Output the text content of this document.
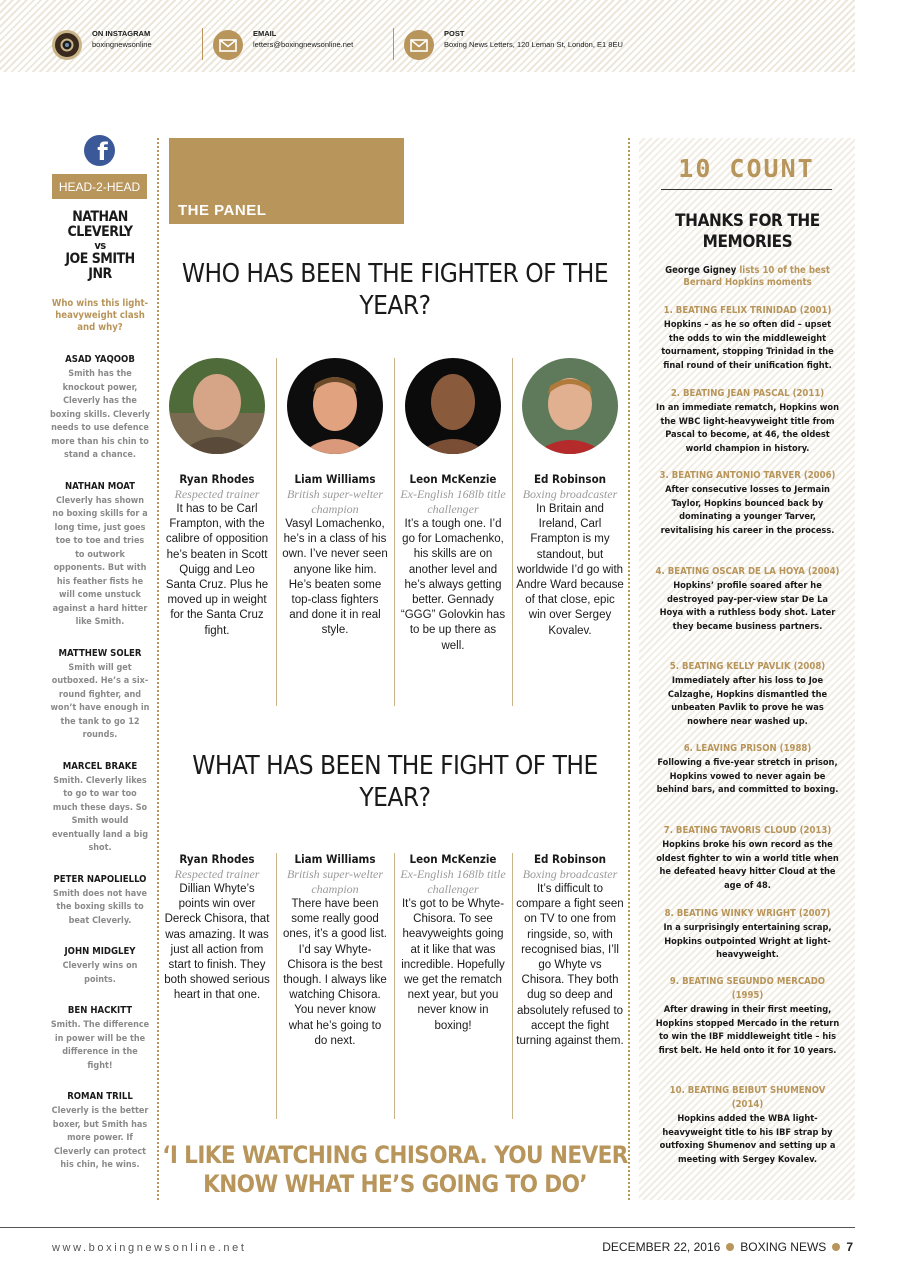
ON INSTAGRAM
boxingnewsonline
EMAIL
letters@boxingnewsonline.net
POST
Boxing News Letters, 120 Leman St, London, E1 8EU
f
HEAD-2-HEAD
NATHAN
CLEVERLY
vs
JOE SMITH
JNR
Who wins this light-heavyweight clash and why?
ASAD YAQOOB
Smith has the knockout power, Cleverly has the boxing skills. Cleverly needs to use defence more than his chin to stand a chance.
NATHAN MOAT
Cleverly has shown no boxing skills for a long time, just goes toe to toe and tries to outwork opponents. But with his feather fists he will come unstuck against a hard hitter like Smith.
MATTHEW SOLER
Smith will get outboxed. He’s a six-round fighter, and won’t have enough in the tank to go 12 rounds.
MARCEL BRAKE
Smith. Cleverly likes to go to war too much these days. So Smith would eventually land a big shot.
PETER NAPOLIELLO
Smith does not have the boxing skills to beat Cleverly.
JOHN MIDGLEY
Cleverly wins on points.
BEN HACKITT
Smith. The difference in power will be the difference in the fight!
ROMAN TRILL
Cleverly is the better boxer, but Smith has more power. If Cleverly can protect his chin, he wins.
THE PANEL
WHO HAS BEEN THE FIGHTER OF THE YEAR?
WHAT HAS BEEN THE FIGHT OF THE YEAR?
Ryan Rhodes
Respected trainer
It has to be Carl Frampton, with the calibre of opposition he’s beaten in Scott Quigg and Leo Santa Cruz. Plus he moved up in weight for the Santa Cruz fight.
Liam Williams
British super-welter champion
Vasyl Lomachenko, he’s in a class of his own. I’ve never seen anyone like him. He’s beaten some top-class fighters and done it in real style.
Leon McKenzie
Ex-English 168lb title challenger
It’s a tough one. I’d go for Lomachenko, his skills are on another level and he’s always getting better. Gennady “GGG” Golovkin has to be up there as well.
Ed Robinson
Boxing broadcaster
In Britain and Ireland, Carl Frampton is my standout, but worldwide I’d go with Andre Ward because of that close, epic win over Sergey Kovalev.
Ryan Rhodes
Respected trainer
Dillian Whyte’s points win over Dereck Chisora, that was amazing. It was just all action from start to finish. They both showed serious heart in that one.
Liam Williams
British super-welter champion
There have been some really good ones, it’s a good list. I’d say Whyte-Chisora is the best though. I always like watching Chisora. You never know what he’s going to do next.
Leon McKenzie
Ex-English 168lb title challenger
It’s got to be Whyte-Chisora. To see heavyweights going at it like that was incredible. Hopefully we get the rematch next year, but you never know in boxing!
Ed Robinson
Boxing broadcaster
It’s difficult to compare a fight seen on TV to one from ringside, so, with recognised bias, I’ll go Whyte vs Chisora. They both dug so deep and absolutely refused to accept the fight turning against them.
‘I LIKE WATCHING CHISORA. YOU NEVER KNOW WHAT HE’S GOING TO DO’
10 COUNT
THANKS FOR THE MEMORIES
George Gigney lists 10 of the best Bernard Hopkins moments
1. BEATING FELIX TRINIDAD (2001)
Hopkins – as he so often did – upset the odds to win the middleweight tournament, stopping Trinidad in the final round of their unification fight.
2. BEATING JEAN PASCAL (2011)
In an immediate rematch, Hopkins won the WBC light-heavyweight title from Pascal to become, at 46, the oldest world champion in history.
3. BEATING ANTONIO TARVER (2006)
After consecutive losses to Jermain Taylor, Hopkins bounced back by dominating a younger Tarver, revitalising his career in the process.
4. BEATING OSCAR DE LA HOYA (2004)
Hopkins’ profile soared after he destroyed pay-per-view star De La Hoya with a ruthless body shot. Later they became business partners.
5. BEATING KELLY PAVLIK (2008)
Immediately after his loss to Joe Calzaghe, Hopkins dismantled the unbeaten Pavlik to prove he was nowhere near washed up.
6. LEAVING PRISON (1988)
Following a five-year stretch in prison, Hopkins vowed to never again be behind bars, and committed to boxing.
7. BEATING TAVORIS CLOUD (2013)
Hopkins broke his own record as the oldest fighter to win a world title when he defeated heavy hitter Cloud at the age of 48.
8. BEATING WINKY WRIGHT (2007)
In a surprisingly entertaining scrap, Hopkins outpointed Wright at light-heavyweight.
9. BEATING SEGUNDO MERCADO (1995)
After drawing in their first meeting, Hopkins stopped Mercado in the return to win the IBF middleweight title – his first belt. He held onto it for 10 years.
10. BEATING BEIBUT SHUMENOV (2014)
Hopkins added the WBA light-heavyweight title to his IBF strap by outfoxing Shumenov and setting up a meeting with Sergey Kovalev.
www.boxingnewsonline.net	DECEMBER 22, 2016 BOXING NEWS 7
